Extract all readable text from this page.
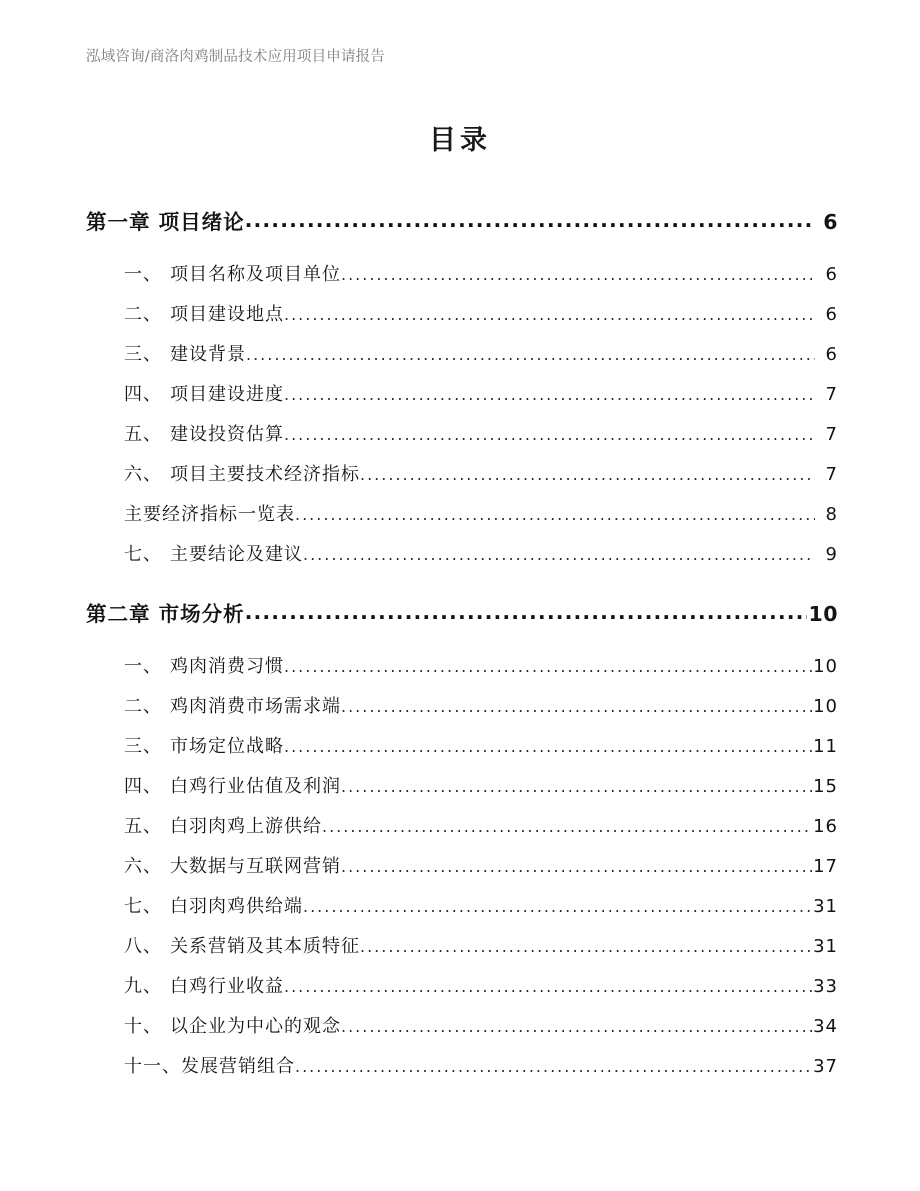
泓域咨询/商洛肉鸡制品技术应用项目申请报告
目录
第一章 项目绪论 .....	6
一、 项目名称及项目单位 .....	6
二、 项目建设地点 .....	6
三、 建设背景 .....	6
四、 项目建设进度 .....	7
五、 建设投资估算 .....	7
六、 项目主要技术经济指标 .....	7
主要经济指标一览表 .....	8
七、 主要结论及建议 .....	9
第二章 市场分析 .....	10
一、 鸡肉消费习惯 .....	10
二、 鸡肉消费市场需求端 .....	10
三、 市场定位战略 .....	11
四、 白鸡行业估值及利润 .....	15
五、 白羽肉鸡上游供给 .....	16
六、 大数据与互联网营销 .....	17
七、 白羽肉鸡供给端 .....	31
八、 关系营销及其本质特征 .....	31
九、 白鸡行业收益 .....	33
十、 以企业为中心的观念 .....	34
十一、发展营销组合 .....	37
